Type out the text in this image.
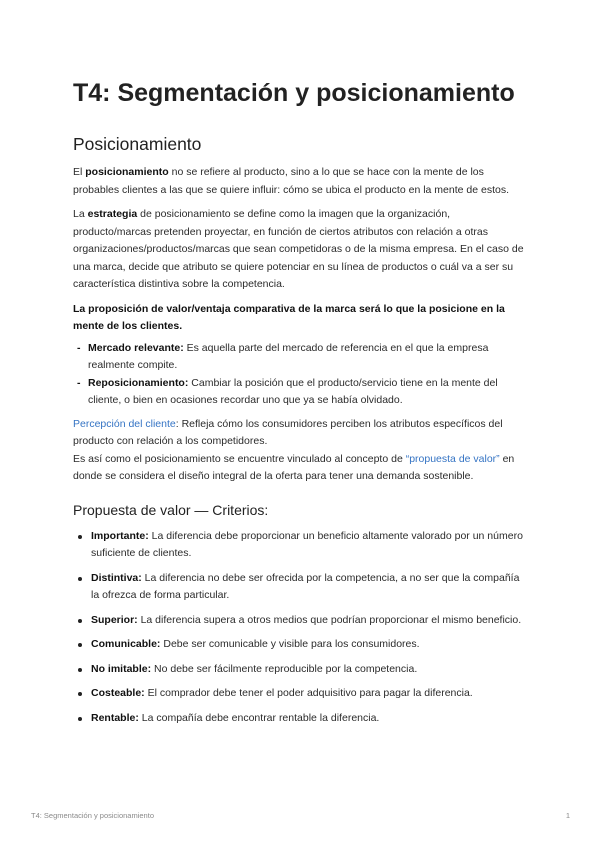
T4: Segmentación y posicionamiento
Posicionamiento

El posicionamiento no se refiere al producto, sino a lo que se hace con la mente de los probables clientes a las que se quiere influir: cómo se ubica el producto en la mente de estos.

La estrategia de posicionamiento se define como la imagen que la organización, producto/marcas pretenden proyectar, en función de ciertos atributos con relación a otras organizaciones/productos/marcas que sean competidoras o de la misma empresa. En el caso de una marca, decide que atributo se quiere potenciar en su línea de productos o cuál va a ser su característica distintiva sobre la competencia.

La proposición de valor/ventaja comparativa de la marca será lo que la posicione en la mente de los clientes.

- Mercado relevante: Es aquella parte del mercado de referencia en el que la empresa realmente compite.
- Reposicionamiento: Cambiar la posición que el producto/servicio tiene en la mente del cliente, o bien en ocasiones recordar uno que ya se había olvidado.

Percepción del cliente: Refleja cómo los consumidores perciben los atributos específicos del producto con relación a los competidores.
Es así como el posicionamiento se encuentre vinculado al concepto de “propuesta de valor” en donde se considera el diseño integral de la oferta para tener una demanda sostenible.

Propuesta de valor — Criterios:
Importante: La diferencia debe proporcionar un beneficio altamente valorado por un número suficiente de clientes.
Distintiva: La diferencia no debe ser ofrecida por la competencia, a no ser que la compañía la ofrezca de forma particular.
Superior: La diferencia supera a otros medios que podrían proporcionar el mismo beneficio.
Comunicable: Debe ser comunicable y visible para los consumidores.
No imitable: No debe ser fácilmente reproducible por la competencia.
Costeable: El comprador debe tener el poder adquisitivo para pagar la diferencia.
Rentable: La compañía debe encontrar rentable la diferencia.
T4: Segmentación y posicionamiento	1
